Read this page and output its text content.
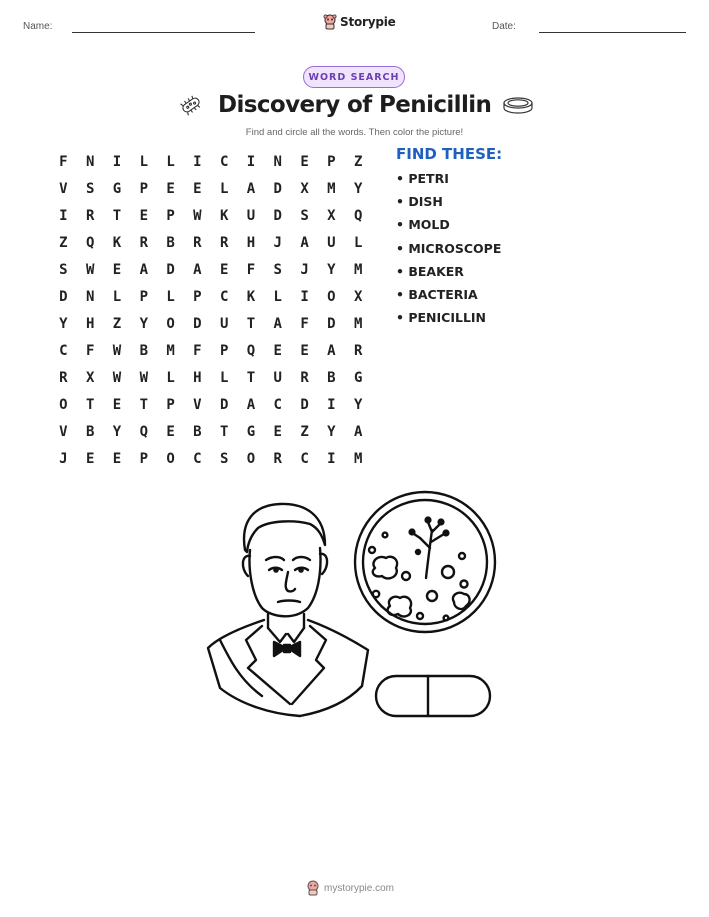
Name:	Storypie	Date:
WORD SEARCH
Discovery of Penicillin
Find and circle all the words. Then color the picture!
F	N	I	L	L	I	C	I	N	E	P	Z
V	S	G	P	E	E	L	A	D	X	M	Y
I	R	T	E	P	W	K	U	D	S	X	Q
Z	Q	K	R	B	R	R	H	J	A	U	L
S	W	E	A	D	A	E	F	S	J	Y	M
D	N	L	P	L	P	C	K	L	I	O	X
Y	H	Z	Y	O	D	U	T	A	F	D	M
C	F	W	B	M	F	P	Q	E	E	A	R
R	X	W	W	L	H	L	T	U	R	B	G
O	T	E	T	P	V	D	A	C	D	I	Y
V	B	Y	Q	E	B	T	G	E	Z	Y	A
J	E	E	P	O	C	S	O	R	C	I	M
FIND THESE:
• PETRI
• DISH
• MOLD
• MICROSCOPE
• BEAKER
• BACTERIA
• PENICILLIN
mystorypie.com
